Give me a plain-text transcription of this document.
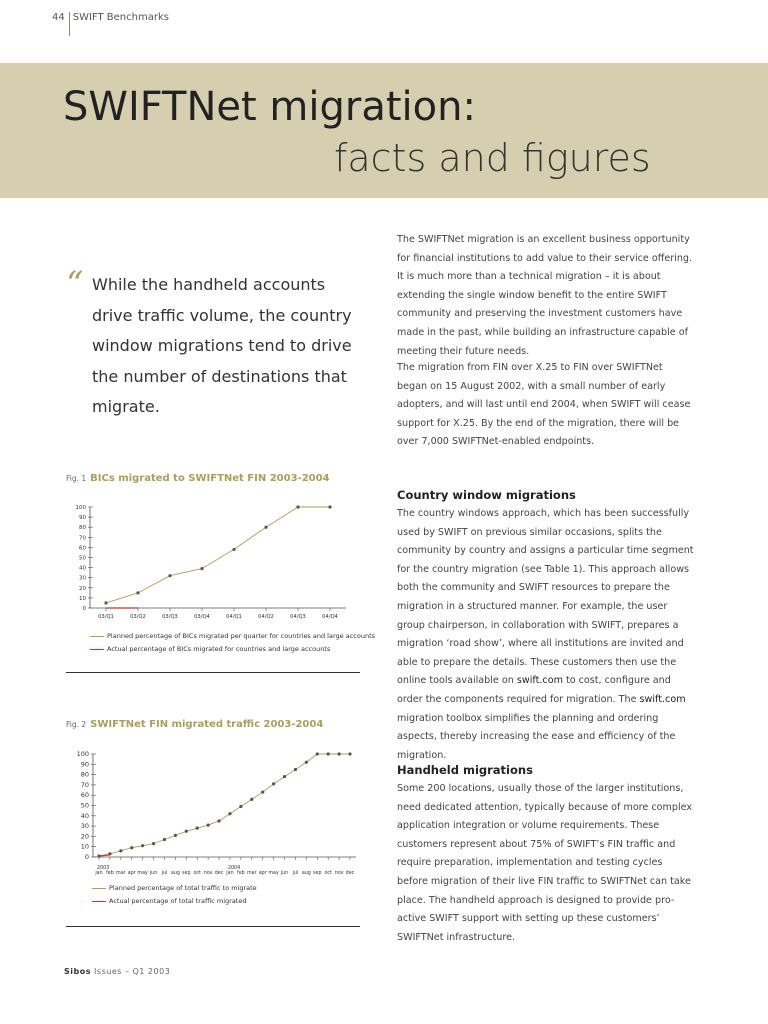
44 SWIFT Benchmarks
SWIFTNet migration:
facts and figures
“ While the handheld accounts drive traffic volume, the country window migrations tend to drive the number of destinations that migrate.
The SWIFTNet migration is an excellent business opportunity for financial institutions to add value to their service offering. It is much more than a technical migration – it is about extending the single window benefit to the entire SWIFT community and preserving the investment customers have made in the past, while building an infrastructure capable of meeting their future needs.
The migration from FIN over X.25 to FIN over SWIFTNet began on 15 August 2002, with a small number of early adopters, and will last until end 2004, when SWIFT will cease support for X.25. By the end of the migration, there will be over 7,000 SWIFTNet-enabled endpoints.
Country window migrations
The country windows approach, which has been successfully used by SWIFT on previous similar occasions, splits the community by country and assigns a particular time segment for the country migration (see Table 1). This approach allows both the community and SWIFT resources to prepare the migration in a structured manner. For example, the user group chairperson, in collaboration with SWIFT, prepares a migration ‘road show’, where all institutions are invited and able to prepare the details. These customers then use the online tools available on swift.com to cost, configure and order the components required for migration. The swift.com migration toolbox simplifies the planning and ordering aspects, thereby increasing the ease and efficiency of the migration.
Handheld migrations
Some 200 locations, usually those of the larger institutions, need dedicated attention, typically because of more complex application integration or volume requirements. These customers represent about 75% of SWIFT’s FIN traffic and require preparation, implementation and testing cycles before migration of their live FIN traffic to SWIFTNet can take place. The handheld approach is designed to provide pro-active SWIFT support with setting up these customers’ SWIFTNet infrastructure.
Fig. 1 BICs migrated to SWIFTNet FIN 2003-2004
0
10
20
30
40
50
60
70
80
90
100
03/Q1	03/Q2	03/Q3	03/Q4	04/Q1	04/Q2	04/Q3	04/Q4
Planned percentage of BICs migrated per quarter for countries and large accounts
Actual percentage of BICs migrated for countries and large accounts
Fig. 2 SWIFTNet FIN migrated traffic 2003-2004
0
10
20
30
40
50
60
70
80
90
100
jan feb mar apr may jun jul aug sep oct nov dec jan feb mar apr may jun jul aug sep oct nov dec
2003	2004
Planned percentage of total traffic to migrate
Actual percentage of total traffic migrated
Sibos Issues – Q1 2003
